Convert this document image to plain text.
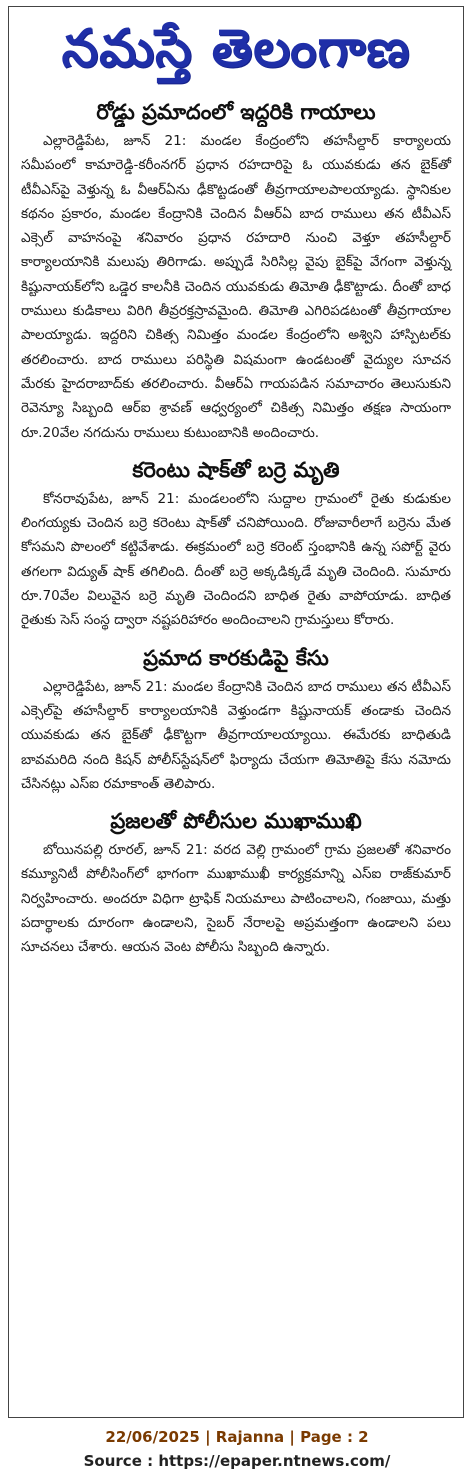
నమస్తే తెలంగాణ
రోడ్డు ప్రమాదంలో ఇద్దరికి గాయాలు

ఎల్లారెడ్డిపేట, జూన్ 21: మండల కేంద్రంలోని తహసీల్దార్ కార్యాలయ సమీపంలో కామారెడ్డి-కరీంనగర్ ప్రధాన రహదారిపై ఓ యువకుడు తన బైక్‌తో టీవీఎస్‌పై వెళ్తున్న ఓ వీఆర్‌ఏను ఢీకొట్టడంతో తీవ్రగాయాలపాలయ్యాడు. స్థానికుల కథనం ప్రకారం, మండల కేంద్రానికి చెందిన వీఆర్‌ఏ బాద రాములు తన టీవీఎస్ ఎక్సెల్ వాహనంపై శనివారం ప్రధాన రహదారి నుంచి వెళ్తూ తహసీల్దార్ కార్యాలయానికి మలుపు తిరిగాడు. అప్పుడే సిరిసిల్ల వైపు బైక్‌పై వేగంగా వెళ్తున్న కిష్టునాయక్‌లోని ఒడ్డెర కాలనీకి చెందిన యువకుడు తిమోతి ఢీకొట్టాడు. దీంతో బాధ రాములు కుడికాలు విరిగి తీవ్రరక్తస్రావమైంది. తిమోతి ఎగిరిపడటంతో తీవ్రగాయాల పాలయ్యాడు. ఇద్దరిని చికిత్స నిమిత్తం మండల కేంద్రంలోని అశ్విని హాస్పిటల్‌కు తరలించారు. బాద రాములు పరిస్థితి విషమంగా ఉండటంతో వైద్యుల సూచన మేరకు హైదరాబాద్‌కు తరలించారు. వీఆర్‌ఏ గాయపడిన సమాచారం తెలుసుకుని రెవెన్యూ సిబ్బంది ఆర్‌ఐ శ్రావణ్ ఆధ్వర్యంలో చికిత్స నిమిత్తం తక్షణ సాయంగా రూ.20వేల నగదును రాములు కుటుంబానికి అందించారు.

కరెంటు షాక్‌తో బర్రె మృతి

కోనరావుపేట, జూన్ 21: మండలంలోని సుద్దాల గ్రామంలో రైతు కుడుకుల లింగయ్యకు చెందిన బర్రె కరెంటు షాక్‌తో చనిపోయింది. రోజువారీలాగే బర్రెను మేత కోసమని పొలంలో కట్టివేశాడు. ఈక్రమంలో బర్రె కరెంట్ స్తంభానికి ఉన్న సపోర్ట్ వైరు తగలగా విద్యుత్ షాక్ తగిలింది. దీంతో బర్రె అక్కడిక్కడే మృతి చెందింది. సుమారు రూ.70వేల విలువైన బర్రె మృతి చెందిందని బాధిత రైతు వాపోయాడు. బాధిత రైతుకు సెస్ సంస్థ ద్వారా నష్టపరిహారం అందించాలని గ్రామస్తులు కోరారు.

ప్రమాద కారకుడిపై కేసు

ఎల్లారెడ్డిపేట, జూన్ 21: మండల కేంద్రానికి చెందిన బాద రాములు తన టీవీఎస్ ఎక్సెల్‌పై తహసీల్దార్ కార్యాలయానికి వెళ్తుండగా కిష్టునాయక్ తండాకు చెందిన యువకుడు తన బైక్‌తో ఢీకొట్టగా తీవ్రగాయాలయ్యాయి. ఈమేరకు బాధితుడి బావమరిది నంది కిషన్ పోలీస్‌స్టేషన్‌లో ఫిర్యాదు చేయగా తిమోతిపై కేసు నమోదు చేసినట్లు ఎస్‌ఐ రమాకాంత్ తెలిపారు.

ప్రజలతో పోలీసుల ముఖాముఖి

బోయినపల్లి రూరల్, జూన్ 21: వరద వెల్లి గ్రామంలో గ్రామ ప్రజలతో శనివారం కమ్యూనిటీ పోలీసింగ్‌లో భాగంగా ముఖాముఖీ కార్యక్రమాన్ని ఎస్‌ఐ రాజ్‌కుమార్ నిర్వహించారు. అందరూ విధిగా ట్రాఫిక్ నియమాలు పాటించాలని, గంజాయి, మత్తు పదార్థాలకు దూరంగా ఉండాలని, సైబర్ నేరాలపై అప్రమత్తంగా ఉండాలని పలు సూచనలు చేశారు. ఆయన వెంట పోలీసు సిబ్బంది ఉన్నారు.

22/06/2025 | Rajanna | Page : 2
Source : https://epaper.ntnews.com/
